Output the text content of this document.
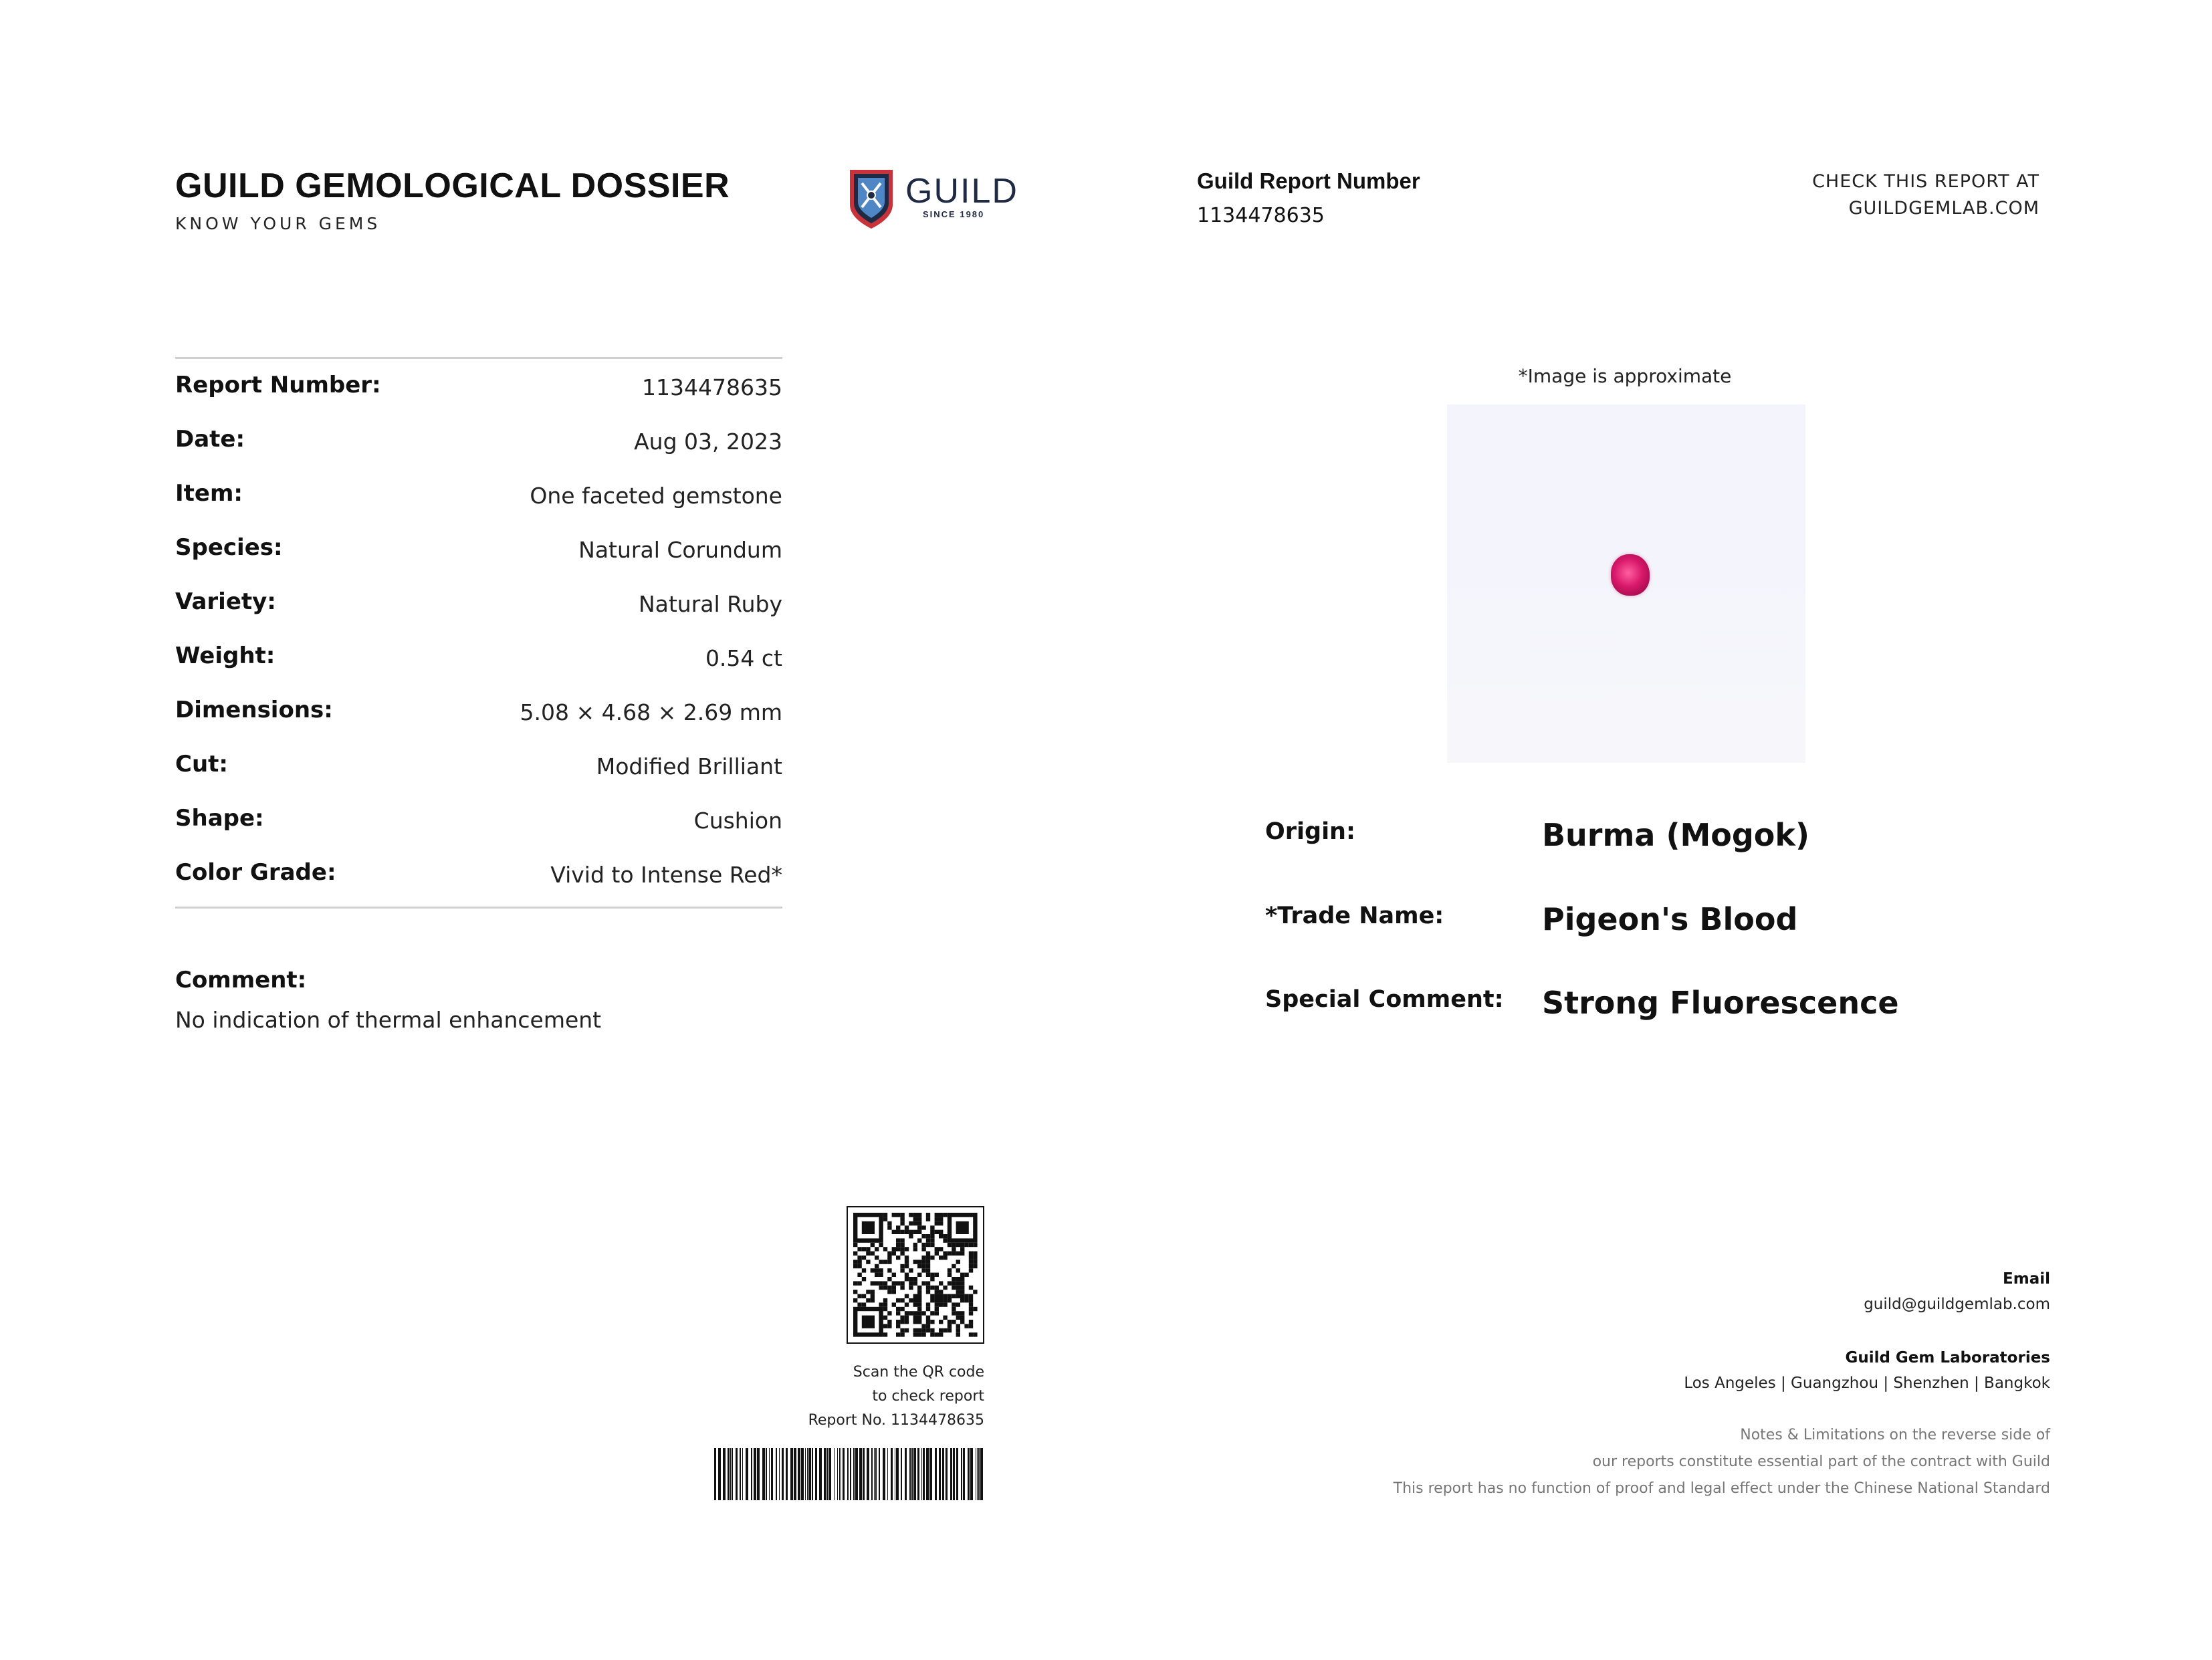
GUILD GEMOLOGICAL DOSSIER
KNOW YOUR GEMS
GUILD
SINCE 1980
Guild Report Number
1134478635
CHECK THIS REPORT AT
GUILDGEMLAB.COM
Report Number:	1134478635
Date:	Aug 03, 2023
Item:	One faceted gemstone
Species:	Natural Corundum
Variety:	Natural Ruby
Weight:	0.54 ct
Dimensions:	5.08 × 4.68 × 2.69 mm
Cut:	Modified Brilliant
Shape:	Cushion
Color Grade:	Vivid to Intense Red*
Comment:
No indication of thermal enhancement
*Image is approximate
Origin:	Burma (Mogok)
*Trade Name:	Pigeon's Blood
Special Comment: Strong Fluorescence
Scan the QR code
to check report
Report No. 1134478635
Email
guild@guildgemlab.com
Guild Gem Laboratories
Los Angeles | Guangzhou | Shenzhen | Bangkok
Notes & Limitations on the reverse side of
our reports constitute essential part of the contract with Guild
This report has no function of proof and legal effect under the Chinese National Standard
